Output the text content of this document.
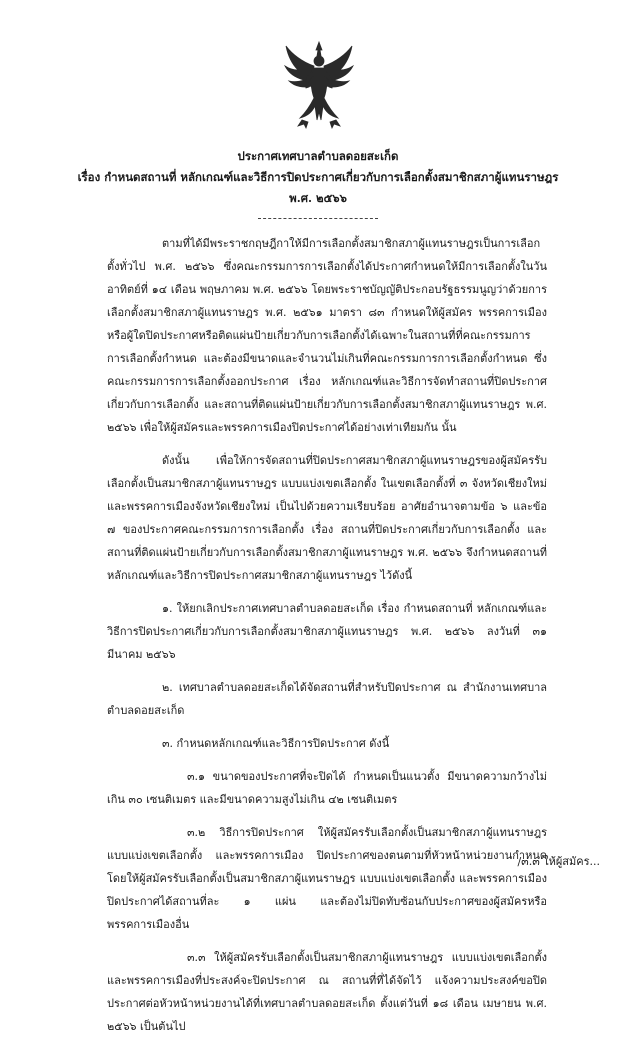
ประกาศเทศบาลตำบลดอยสะเก็ด
เรื่อง กำหนดสถานที่ หลักเกณฑ์และวิธีการปิดประกาศเกี่ยวกับการเลือกตั้งสมาชิกสภาผู้แทนราษฎร
พ.ศ. ๒๕๖๖

ตามที่ได้มีพระราชกฤษฎีกาให้มีการเลือกตั้งสมาชิกสภาผู้แทนราษฎรเป็นการเลือกตั้งทั่วไป พ.ศ. ๒๕๖๖ ซึ่งคณะกรรมการการเลือกตั้งได้ประกาศกำหนดให้มีการเลือกตั้งในวันอาทิตย์ที่ ๑๔ เดือน พฤษภาคม พ.ศ. ๒๕๖๖ โดยพระราชบัญญัติประกอบรัฐธรรมนูญว่าด้วยการเลือกตั้งสมาชิกสภาผู้แทนราษฎร พ.ศ. ๒๕๖๑ มาตรา ๘๓ กำหนดให้ผู้สมัคร พรรคการเมือง หรือผู้ใดปิดประกาศหรือติดแผ่นป้ายเกี่ยวกับการเลือกตั้งได้เฉพาะในสถานที่ที่คณะกรรมการการเลือกตั้งกำหนด และต้องมีขนาดและจำนวนไม่เกินที่คณะกรรมการการเลือกตั้งกำหนด ซึ่งคณะกรรมการการเลือกตั้งออกประกาศ เรื่อง หลักเกณฑ์และวิธีการจัดทำสถานที่ปิดประกาศเกี่ยวกับการเลือกตั้ง และสถานที่ติดแผ่นป้ายเกี่ยวกับการเลือกตั้งสมาชิกสภาผู้แทนราษฎร พ.ศ. ๒๕๖๖ เพื่อให้ผู้สมัครและพรรคการเมืองปิดประกาศได้อย่างเท่าเทียมกัน นั้น

ดังนั้น เพื่อให้การจัดสถานที่ปิดประกาศสมาชิกสภาผู้แทนราษฎรของผู้สมัครรับเลือกตั้งเป็นสมาชิกสภาผู้แทนราษฎร แบบแบ่งเขตเลือกตั้ง ในเขตเลือกตั้งที่ ๓ จังหวัดเชียงใหม่ และพรรคการเมืองจังหวัดเชียงใหม่ เป็นไปด้วยความเรียบร้อย อาศัยอำนาจตามข้อ ๖ และข้อ ๗ ของประกาศคณะกรรมการการเลือกตั้ง เรื่อง สถานที่ปิดประกาศเกี่ยวกับการเลือกตั้ง และสถานที่ติดแผ่นป้ายเกี่ยวกับการเลือกตั้งสมาชิกสภาผู้แทนราษฎร พ.ศ. ๒๕๖๖ จึงกำหนดสถานที่หลักเกณฑ์และวิธีการปิดประกาศสมาชิกสภาผู้แทนราษฎร ไว้ดังนี้

๑. ให้ยกเลิกประกาศเทศบาลตำบลดอยสะเก็ด เรื่อง กำหนดสถานที่ หลักเกณฑ์และวิธีการปิดประกาศเกี่ยวกับการเลือกตั้งสมาชิกสภาผู้แทนราษฎร พ.ศ. ๒๕๖๖ ลงวันที่ ๓๑ มีนาคม ๒๕๖๖

๒. เทศบาลตำบลดอยสะเก็ดได้จัดสถานที่สำหรับปิดประกาศ ณ สำนักงานเทศบาลตำบลดอยสะเก็ด

๓. กำหนดหลักเกณฑ์และวิธีการปิดประกาศ ดังนี้

๓.๑ ขนาดของประกาศที่จะปิดได้ กำหนดเป็นแนวตั้ง มีขนาดความกว้างไม่เกิน ๓๐ เซนติเมตร และมีขนาดความสูงไม่เกิน ๔๒ เซนติเมตร

๓.๒ วิธีการปิดประกาศ ให้ผู้สมัครรับเลือกตั้งเป็นสมาชิกสภาผู้แทนราษฎร แบบแบ่งเขตเลือกตั้ง และพรรคการเมือง ปิดประกาศของตนตามที่หัวหน้าหน่วยงานกำหนด โดยให้ผู้สมัครรับเลือกตั้งเป็นสมาชิกสภาผู้แทนราษฎร แบบแบ่งเขตเลือกตั้ง และพรรคการเมือง ปิดประกาศได้สถานที่ละ ๑ แผ่น และต้องไม่ปิดทับซ้อนกับประกาศของผู้สมัครหรือพรรคการเมืองอื่น

๓.๓ ให้ผู้สมัครรับเลือกตั้งเป็นสมาชิกสภาผู้แทนราษฎร แบบแบ่งเขตเลือกตั้ง และพรรคการเมืองที่ประสงค์จะปิดประกาศ ณ สถานที่ที่ได้จัดไว้ แจ้งความประสงค์ขอปิดประกาศต่อหัวหน้าหน่วยงานได้ที่เทศบาลตำบลดอยสะเก็ด ตั้งแต่วันที่ ๑๘ เดือน เมษายน พ.ศ. ๒๕๖๖ เป็นต้นไป

/๓.๓ ให้ผู้สมัคร...
